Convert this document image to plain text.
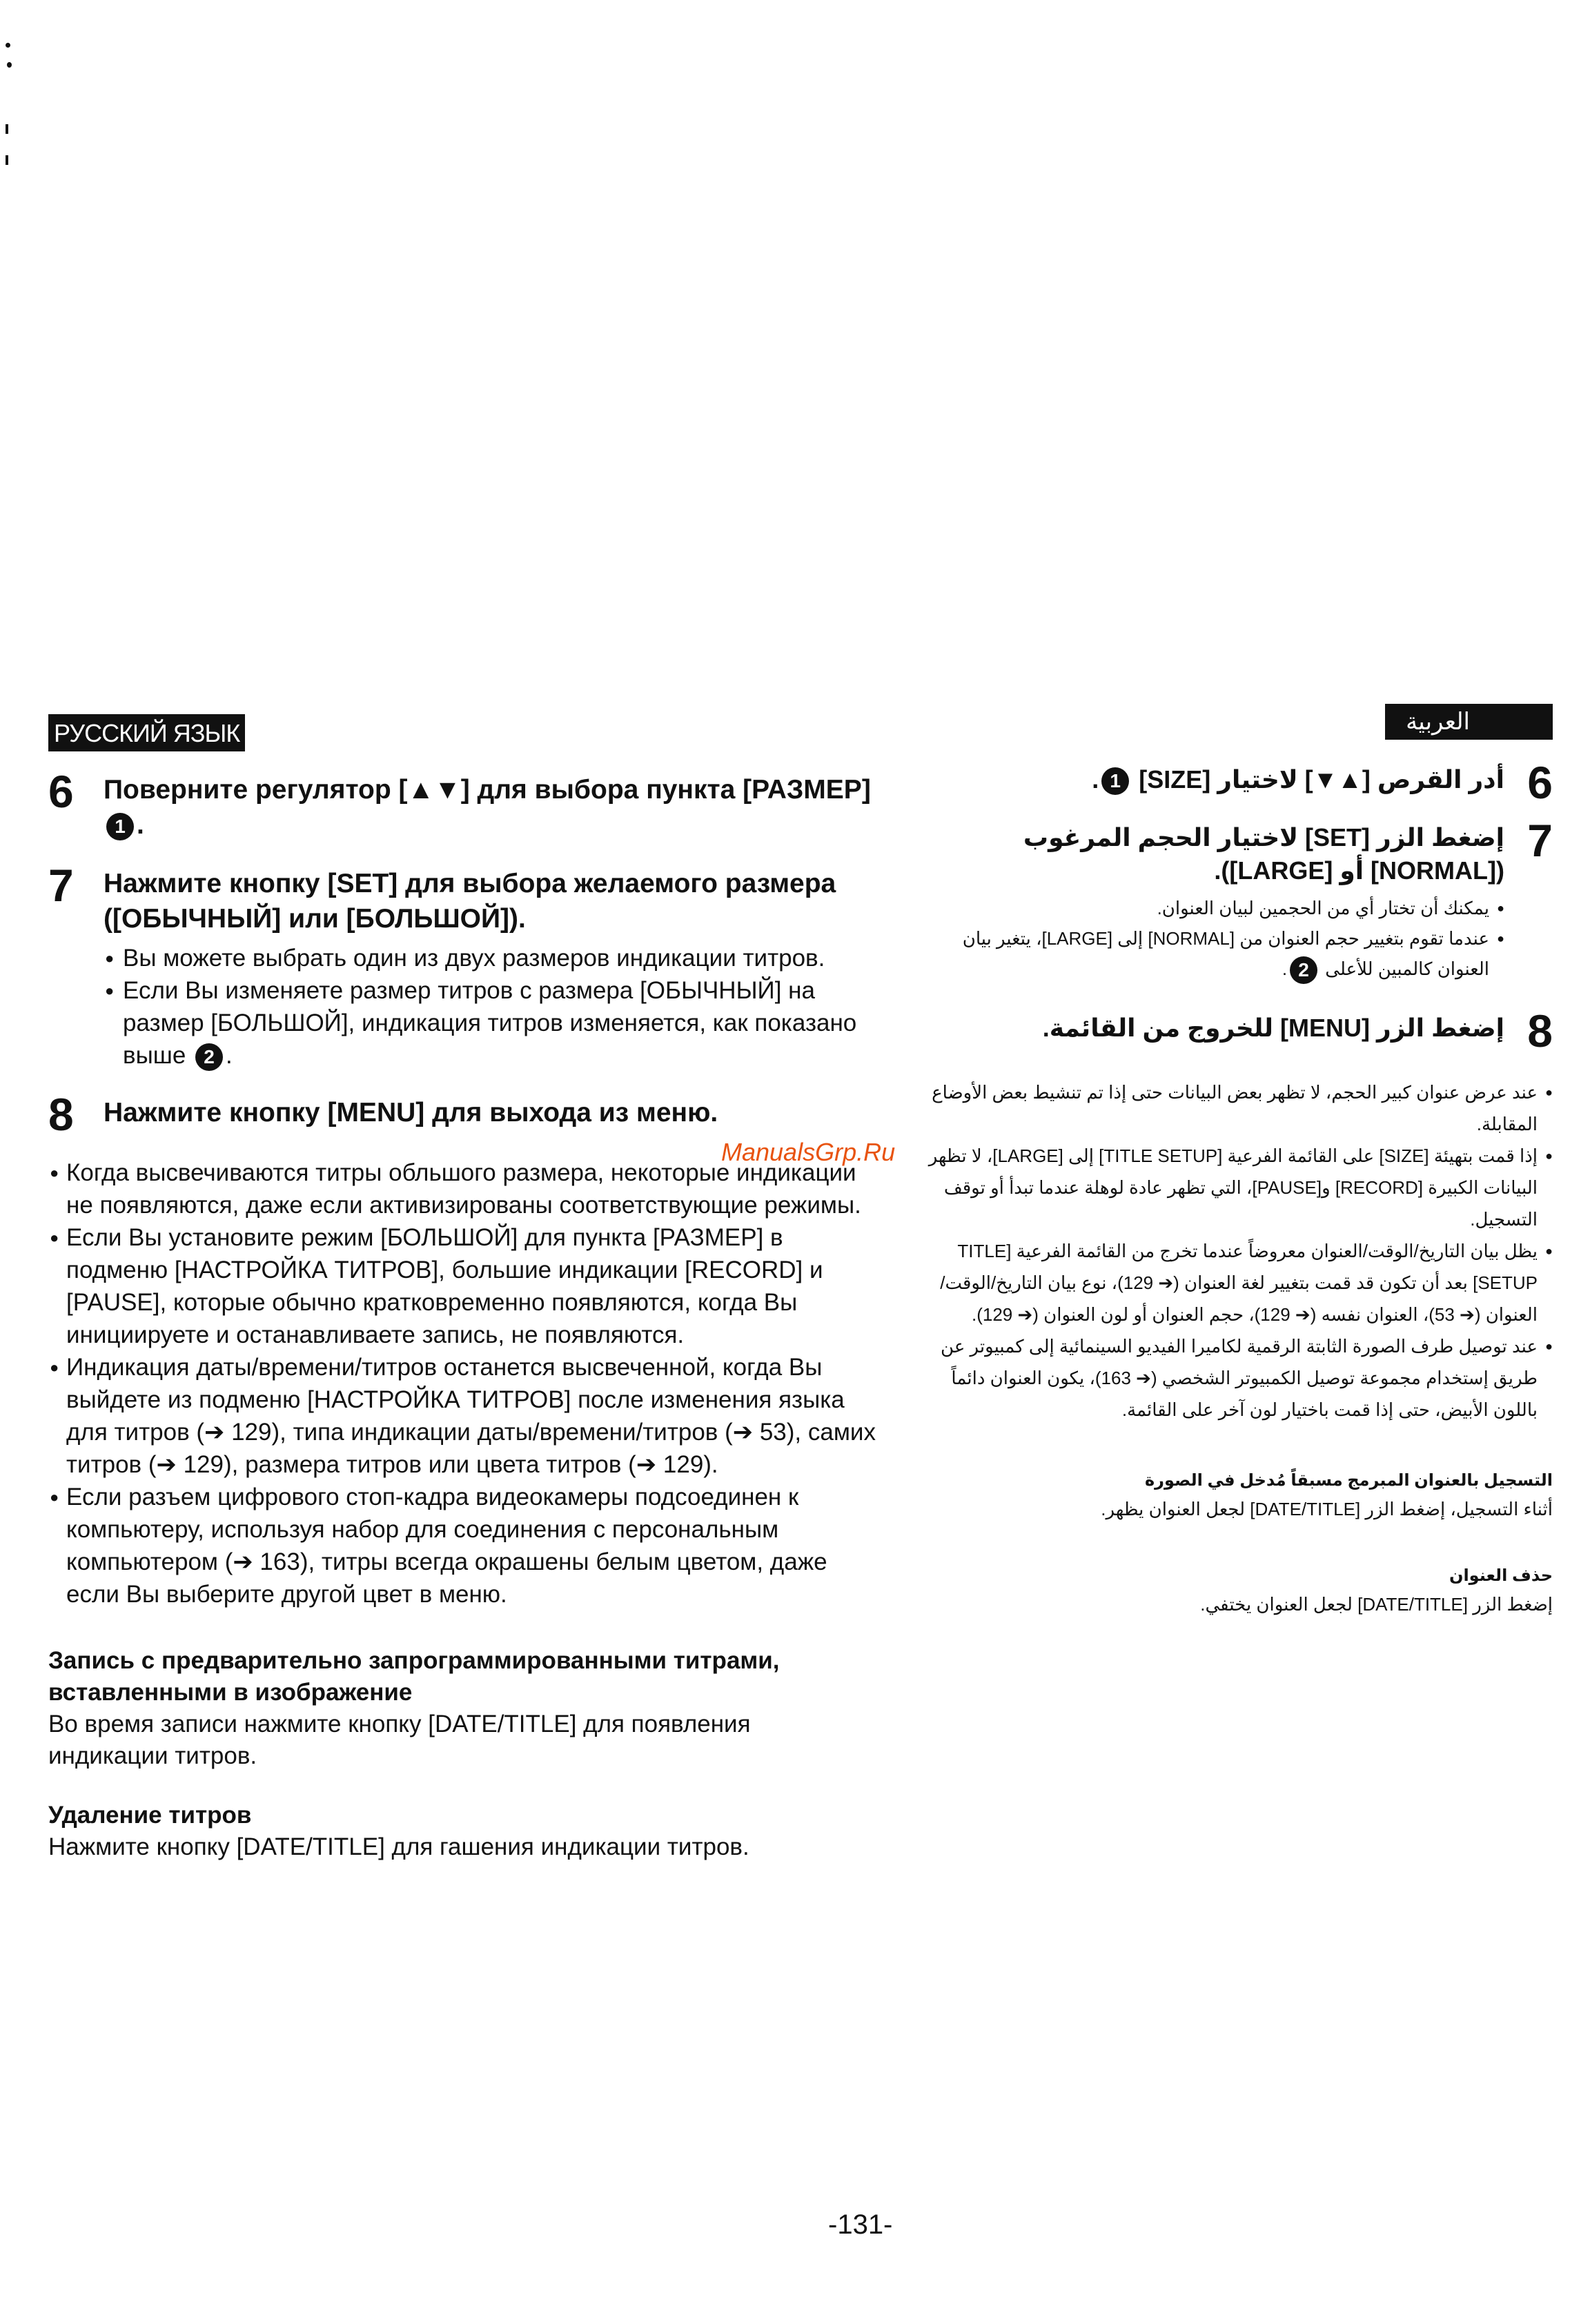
РУССКИЙ ЯЗЫК
6 Поверните регулятор [▲▼] для выбора пункта [РАЗМЕР] 1 .
7 Нажмите кнопку [SET] для выбора желаемого размера ([ОБЫЧНЫЙ] или [БОЛЬШОЙ]).
● Вы можете выбрать один из двух размеров индикации титров.
● Если Вы изменяете размер титров с размера [ОБЫЧНЫЙ] на размер [БОЛЬШОЙ], индикация титров изменяется, как показано выше 2 .
8 Нажмите кнопку [MENU] для выхода из меню.
● Когда высвечиваются титры обльшого размера, некоторые индикации не появляются, даже если активизированы соответствующие режимы.
● Если Вы установите режим [БОЛЬШОЙ] для пункта [РАЗМЕР] в подменю [НАСТРОЙКА ТИТРОВ], большие индикации [RECORD] и [PAUSE], которые обычно кратковременно появляются, когда Вы инициируете и останавливаете запись, не появляются.
● Индикация даты/времени/титров останется высвеченной, когда Вы выйдете из подменю [НАСТРОЙКА ТИТРОВ] после изменения языка для титров (➔ 129), типа индикации даты/времени/титров (➔ 53), самих титров (➔ 129), размера титров или цвета титров (➔ 129).
● Если разъем цифрового стоп-кадра видеокамеры подсоединен к компьютеру, используя набор для соединения с персональным компьютером (➔ 163), титры всегда окрашены белым цветом, даже если Вы выберите другой цвет в меню.
Запись с предварительно запрограммированными титрами, вставленными в изображение
Во время записи нажмите кнопку [DATE/TITLE] для появления индикации титров.
Удаление титров
Нажмите кнопку [DATE/TITLE] для гашения индикации титров.
ManualsGrp.Ru
العربية
6
أدر القرص [▲▼] لاختيار [SIZE] 1.
7
إضغط الزر [SET] لاختيار الحجم المرغوب ([NORMAL] أو [LARGE]).
● يمكنك أن تختار أي من الحجمين لبيان العنوان.
● عندما تقوم بتغيير حجم العنوان من [NORMAL] إلى [LARGE]، يتغير بيان العنوان كالمبين للأعلى 2.
8
إضغط الزر [MENU] للخروج من القائمة.
● عند عرض عنوان كبير الحجم، لا تظهر بعض البيانات حتى إذا تم تنشيط بعض الأوضاع المقابلة.
● إذا قمت بتهيئة [SIZE] على القائمة الفرعية [TITLE SETUP] إلى [LARGE]، لا تظهر البيانات الكبيرة [RECORD] و[PAUSE]، التي تظهر عادة لوهلة عندما تبدأ أو توقف التسجيل.
● يظل بيان التاريخ/الوقت/العنوان معروضاً عندما تخرج من القائمة الفرعية [TITLE SETUP] بعد أن تكون قد قمت بتغيير لغة العنوان (➔ 129)، نوع بيان التاريخ/الوقت/العنوان (➔ 53)، العنوان نفسه (➔ 129)، حجم العنوان أو لون العنوان (➔ 129).
● عند توصيل طرف الصورة الثابتة الرقمية لكاميرا الفيديو السينمائية إلى كمبيوتر عن طريق إستخدام مجموعة توصيل الكمبيوتر الشخصي (➔ 163)، يكون العنوان دائماً باللون الأبيض، حتى إذا قمت باختيار لون آخر على القائمة.
التسجيل بالعنوان المبرمج مسبقاً مُدخل في الصورة
أثناء التسجيل، إضغط الزر [DATE/TITLE] لجعل العنوان يظهر.
حذف العنوان
إضغط الزر [DATE/TITLE] لجعل العنوان يختفي.
-131-
